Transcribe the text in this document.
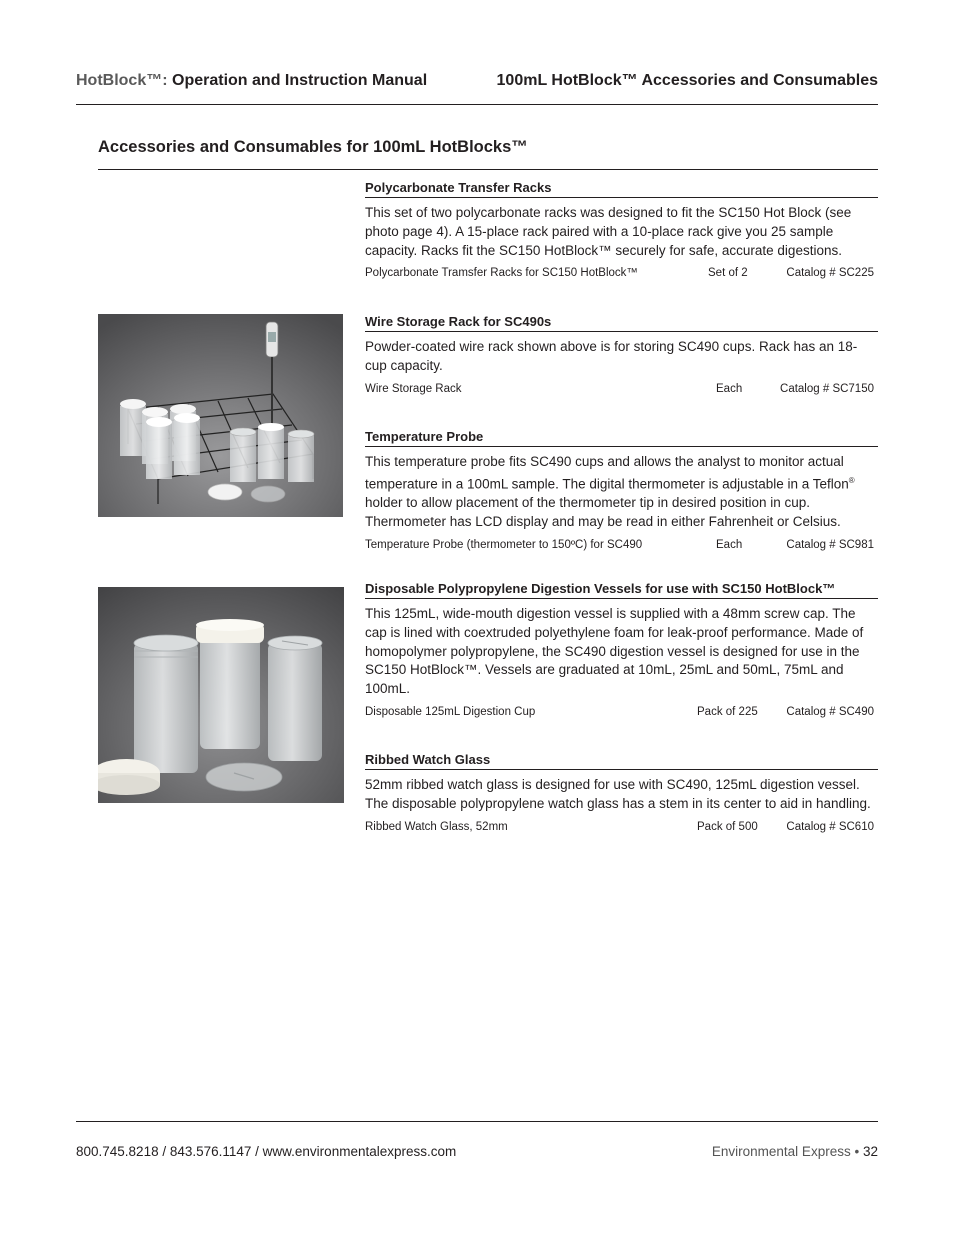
HotBlock™: Operation and Instruction Manual	100mL HotBlock™ Accessories and Consumables
Accessories and Consumables for 100mL HotBlocks™
Polycarbonate Transfer Racks
This set of two polycarbonate racks was designed to fit the SC150 Hot Block (see photo page 4). A 15-place rack paired with a 10-place rack give you 25 sample capacity. Racks fit the SC150 HotBlock™ securely for safe, accurate digestions.
Polycarbonate Tramsfer Racks for SC150 HotBlock™	Set of 2	Catalog # SC225
Wire Storage Rack for SC490s
Powder-coated wire rack shown above is for storing SC490 cups. Rack has an 18-cup capacity.
Wire Storage Rack	Each	Catalog # SC7150
Temperature Probe
This temperature probe fits SC490 cups and allows the analyst to monitor actual temperature in a 100mL sample. The digital thermometer is adjustable in a Teflon® holder to allow placement of the thermometer tip in desired position in cup. Thermometer has LCD display and may be read in either Fahrenheit or Celsius.
Temperature Probe (thermometer to 150ºC) for SC490	Each	Catalog # SC981
Disposable Polypropylene Digestion Vessels for use with SC150 HotBlock™
This 125mL, wide-mouth digestion vessel is supplied with a 48mm screw cap. The cap is lined with coextruded polyethylene foam for leak-proof performance. Made of homopolymer polypropylene, the SC490 digestion vessel is designed for use in the SC150 HotBlock™. Vessels are graduated at 10mL, 25mL and 50mL, 75mL and 100mL.
Disposable 125mL Digestion Cup	Pack of 225 Catalog # SC490
Ribbed Watch Glass
52mm ribbed watch glass is designed for use with SC490, 125mL digestion vessel. The disposable polypropylene watch glass has a stem in its center to aid in handling.
Ribbed Watch Glass, 52mm	Pack of 500 Catalog # SC610
800.745.8218 / 843.576.1147 / www.environmentalexpress.com	Environmental Express • 32
